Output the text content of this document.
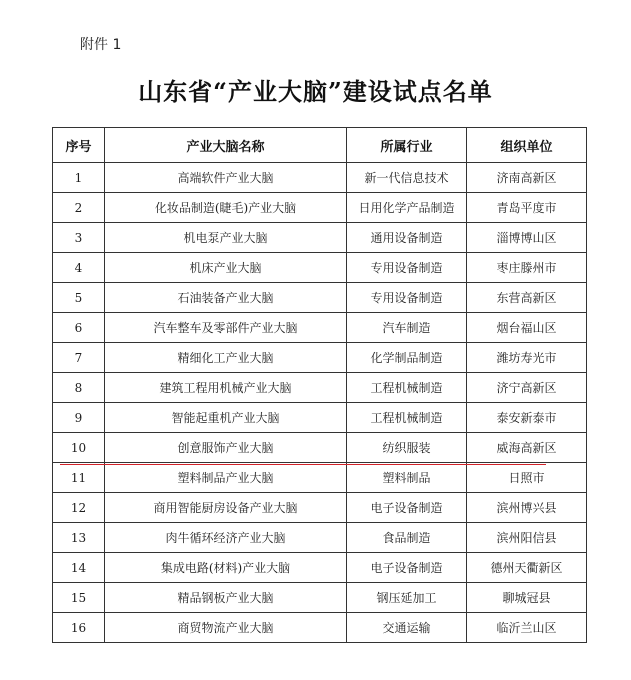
附件 1
山东省“产业大脑”建设试点名单
序号	产业大脑名称	所属行业	组织单位
1	高端软件产业大脑	新一代信息技术	济南高新区
2	化妆品制造(睫毛)产业大脑	日用化学产品制造	青岛平度市
3	机电泵产业大脑	通用设备制造	淄博博山区
4	机床产业大脑	专用设备制造	枣庄滕州市
5	石油装备产业大脑	专用设备制造	东营高新区
6	汽车整车及零部件产业大脑	汽车制造	烟台福山区
7	精细化工产业大脑	化学制品制造	潍坊寿光市
8	建筑工程用机械产业大脑	工程机械制造	济宁高新区
9	智能起重机产业大脑	工程机械制造	泰安新泰市
10	创意服饰产业大脑	纺织服装	威海高新区
11	塑料制品产业大脑	塑料制品	日照市
12	商用智能厨房设备产业大脑	电子设备制造	滨州博兴县
13	肉牛循环经济产业大脑	食品制造	滨州阳信县
14	集成电路(材料)产业大脑	电子设备制造	德州天衢新区
15	精品钢板产业大脑	钢压延加工	聊城冠县
16	商贸物流产业大脑	交通运输	临沂兰山区
